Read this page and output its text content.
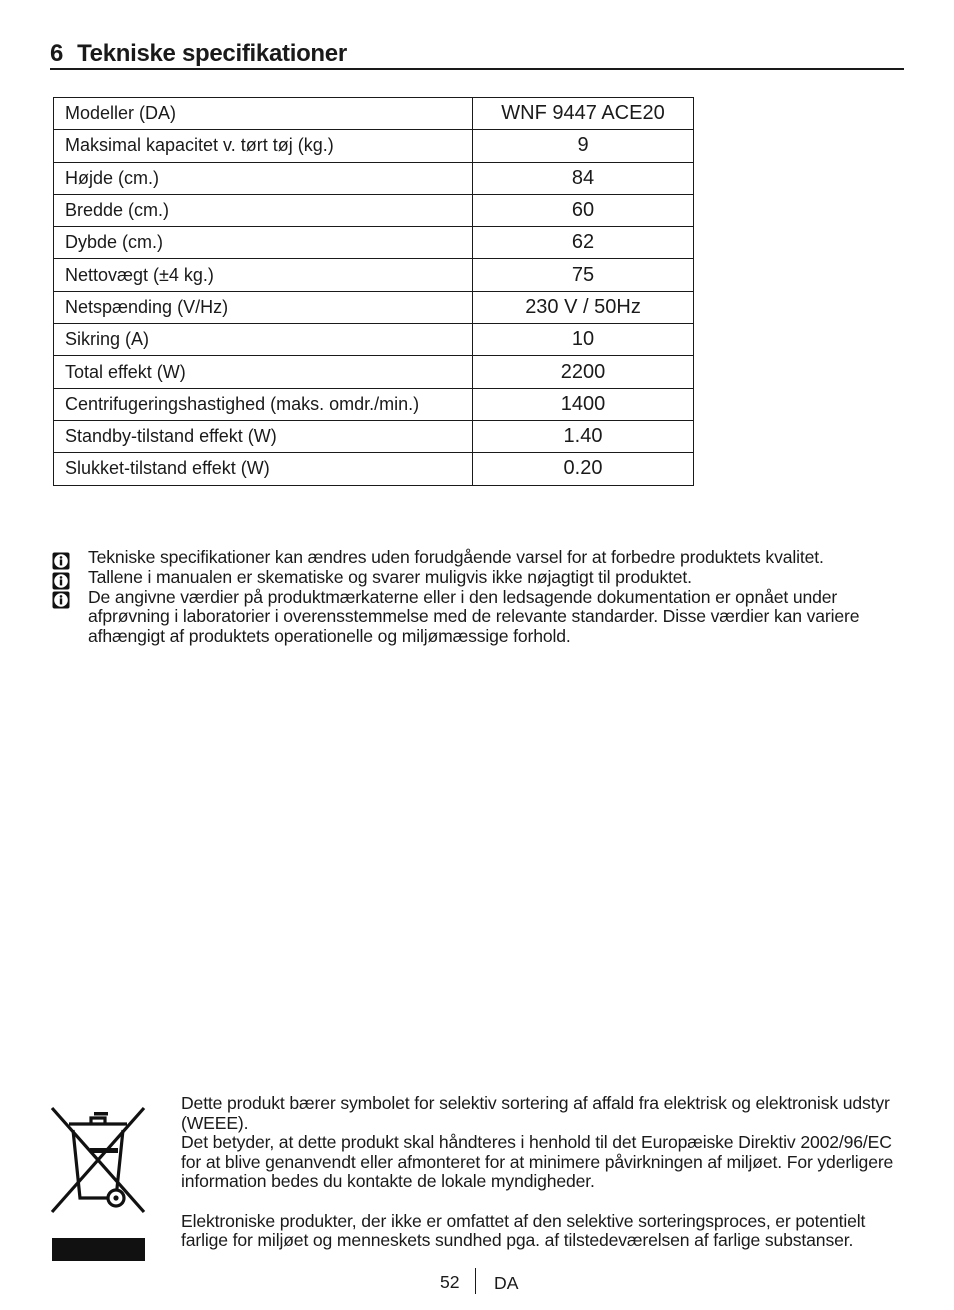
6 Tekniske specifikationer
Modeller (DA)	WNF 9447 ACE20
Maksimal kapacitet v. tørt tøj (kg.)	9
Højde (cm.)	84
Bredde (cm.)	60
Dybde (cm.)	62
Nettovægt (±4 kg.)	75
Netspænding (V/Hz)	230 V / 50Hz
Sikring (A)	10
Total effekt (W)	2200
Centrifugeringshastighed (maks. omdr./min.)	1400
Standby-tilstand effekt (W)	1.40
Slukket-tilstand effekt (W)	0.20
Tekniske specifikationer kan ændres uden forudgående varsel for at forbedre produktets kvalitet.
Tallene i manualen er skematiske og svarer muligvis ikke nøjagtigt til produktet.
De angivne værdier på produktmærkaterne eller i den ledsagende dokumentation er opnået under afprøvning i laboratorier i overensstemmelse med de relevante standarder. Disse værdier kan variere afhængigt af produktets operationelle og miljømæssige forhold.

Dette produkt bærer symbolet for selektiv sortering af affald fra elektrisk og elektronisk udstyr (WEEE).

Det betyder, at dette produkt skal håndteres i henhold til det Europæiske Direktiv 2002/96/EC for at blive genanvendt eller afmonteret for at minimere påvirkningen af miljøet. For yderligere information bedes du kontakte de lokale myndigheder.

Elektroniske produkter, der ikke er omfattet af den selektive sorteringsproces, er potentielt farlige for miljøet og menneskets sundhed pga. af tilstedeværelsen af farlige substanser.

52 DA
